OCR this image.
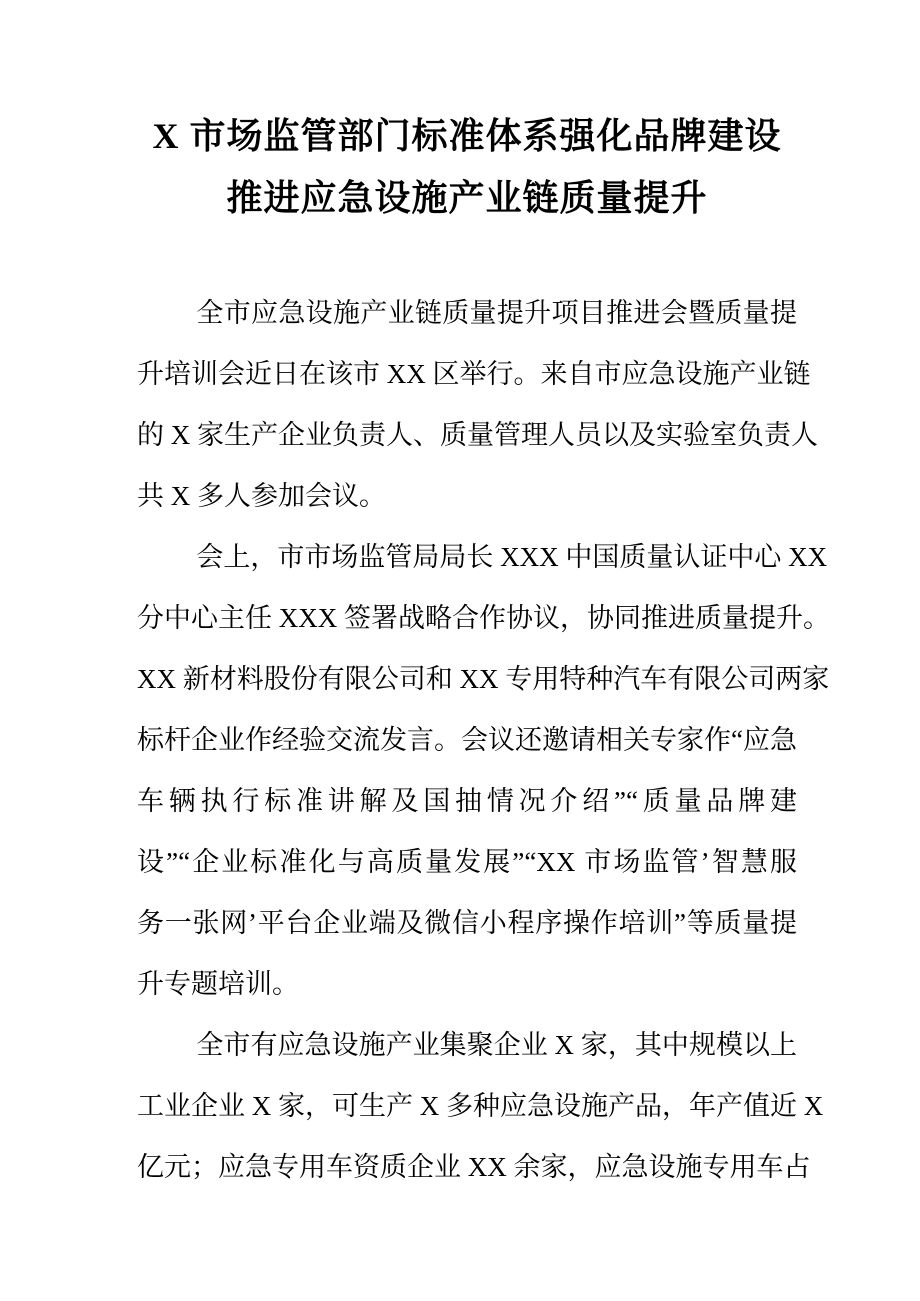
X 市场监管部门标准体系强化品牌建设
推进应急设施产业链质量提升
全市应急设施产业链质量提升项目推进会暨质量提
升培训会近日在该市 XX 区举行。来自市应急设施产业链
的 X 家生产企业负责人、质量管理人员以及实验室负责人
共 X 多人参加会议。
会上，市市场监管局局长 XXX 中国质量认证中心 XX
分中心主任 XXX 签署战略合作协议，协同推进质量提升。
XX 新材料股份有限公司和 XX 专用特种汽车有限公司两家
标杆企业作经验交流发言。会议还邀请相关专家作“应急
车辆执行标准讲解及国抽情况介绍”“质量品牌建
设”“企业标准化与高质量发展”“XX 市场监管’智慧服
务一张网’平台企业端及微信小程序操作培训”等质量提
升专题培训。
全市有应急设施产业集聚企业 X 家，其中规模以上
工业企业 X 家，可生产 X 多种应急设施产品，年产值近 X
亿元；应急专用车资质企业 XX 余家，应急设施专用车占
